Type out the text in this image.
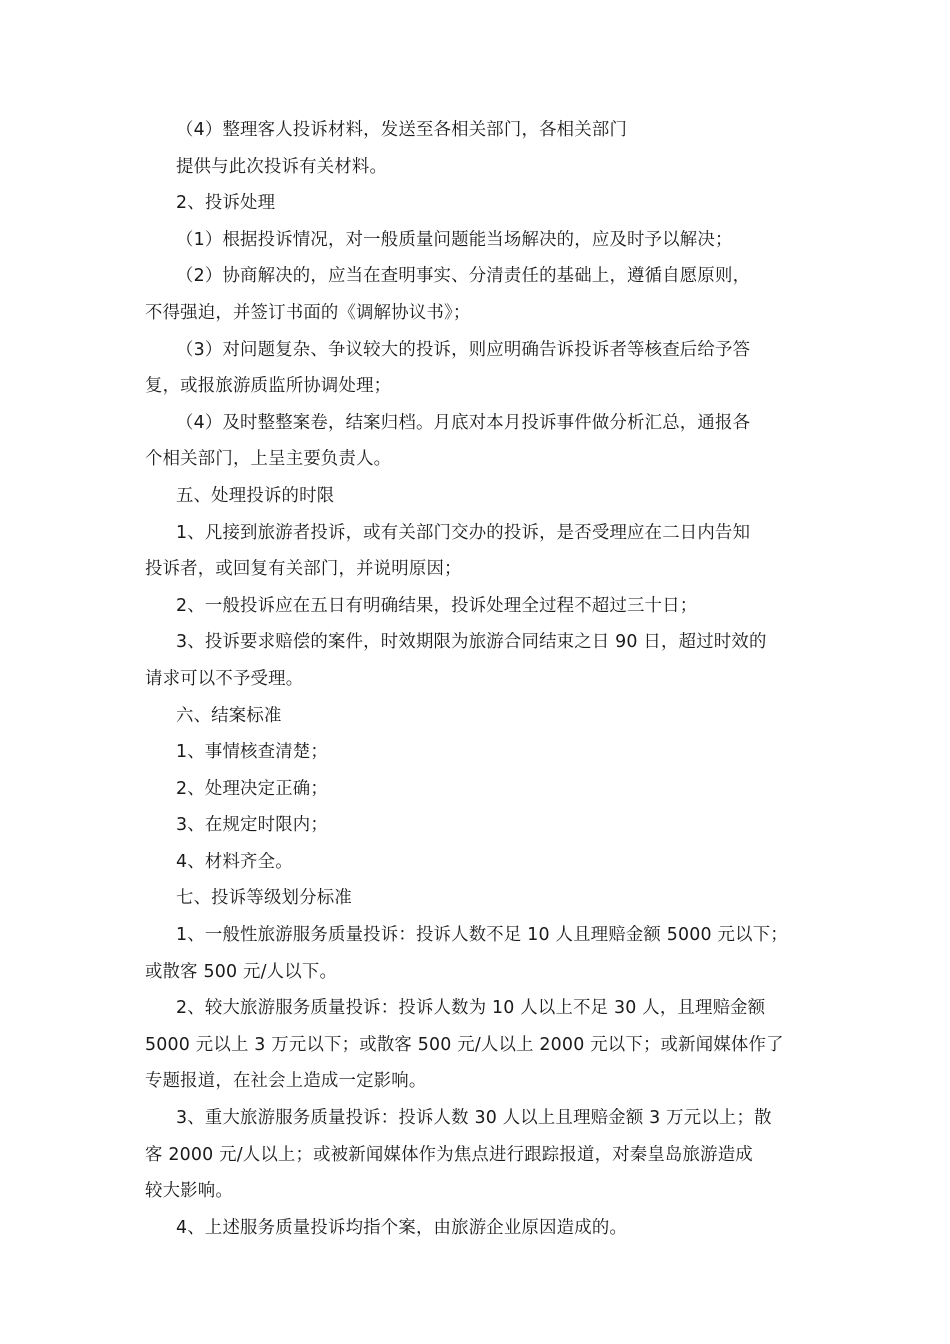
（4）整理客人投诉材料，发送至各相关部门，各相关部门
提供与此次投诉有关材料。
2、投诉处理
（1）根据投诉情况，对一般质量问题能当场解决的，应及时予以解决；
（2）协商解决的，应当在查明事实、分清责任的基础上，遵循自愿原则，
不得强迫，并签订书面的《调解协议书》；
（3）对问题复杂、争议较大的投诉，则应明确告诉投诉者等核查后给予答
复，或报旅游质监所协调处理；
（4）及时整整案卷，结案归档。月底对本月投诉事件做分析汇总，通报各
个相关部门，上呈主要负责人。
五、处理投诉的时限
1、凡接到旅游者投诉，或有关部门交办的投诉，是否受理应在二日内告知
投诉者，或回复有关部门，并说明原因；
2、一般投诉应在五日有明确结果，投诉处理全过程不超过三十日；
3、投诉要求赔偿的案件，时效期限为旅游合同结束之日 90 日，超过时效的
请求可以不予受理。
六、结案标准
1、事情核查清楚；
2、处理决定正确；
3、在规定时限内；
4、材料齐全。
七、投诉等级划分标准
1、一般性旅游服务质量投诉：投诉人数不足 10 人且理赔金额 5000 元以下；
或散客 500 元/人以下。
2、较大旅游服务质量投诉：投诉人数为 10 人以上不足 30 人，且理赔金额
5000 元以上 3 万元以下；或散客 500 元/人以上 2000 元以下；或新闻媒体作了
专题报道，在社会上造成一定影响。
3、重大旅游服务质量投诉：投诉人数 30 人以上且理赔金额 3 万元以上；散
客 2000 元/人以上；或被新闻媒体作为焦点进行跟踪报道，对秦皇岛旅游造成
较大影响。
4、上述服务质量投诉均指个案，由旅游企业原因造成的。
